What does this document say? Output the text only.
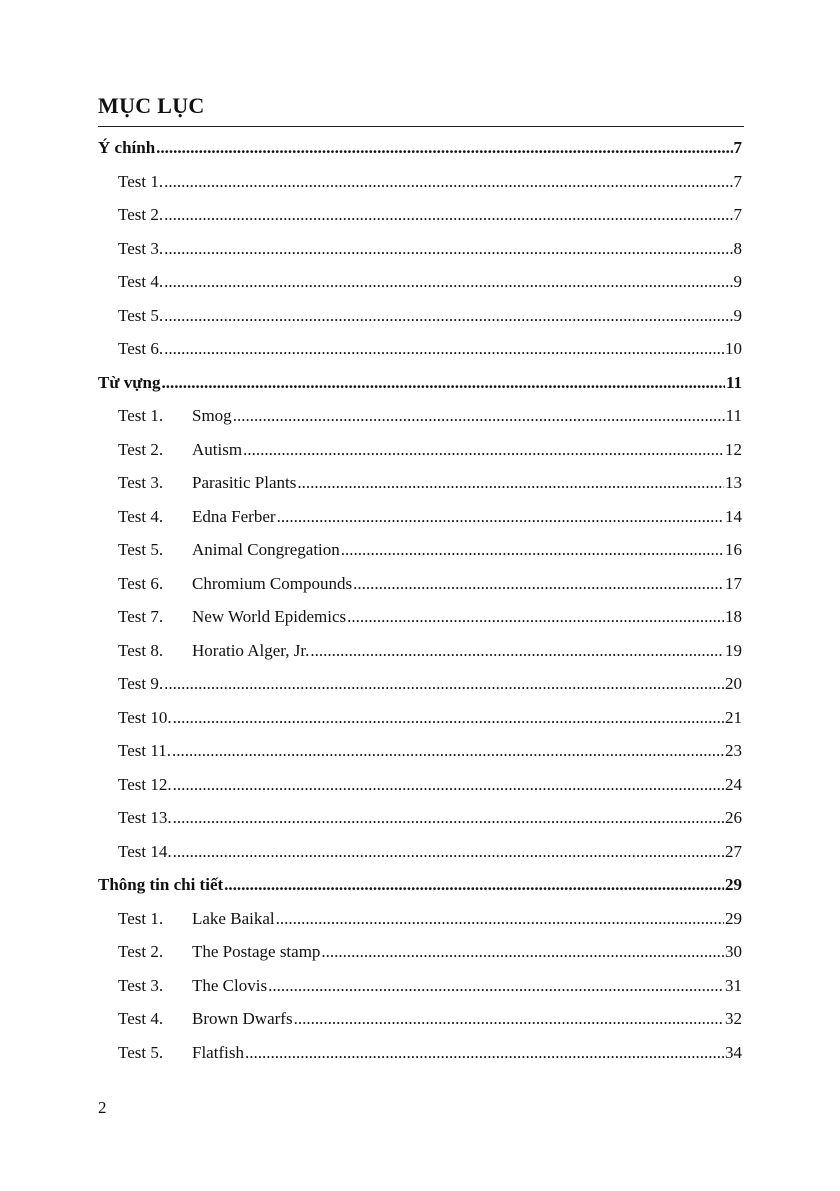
MỤC LỤC
Ý chính .....	7
Test 1. .....	7
Test 2. .....	7
Test 3. .....	8
Test 4. .....	9
Test 5. .....	9
Test 6. .....	10
Từ vựng .....	11
Test 1.	Smog .....	11
Test 2.	Autism .....	12
Test 3.	Parasitic Plants .....	13
Test 4.	Edna Ferber .....	14
Test 5.	Animal Congregation .....	16
Test 6.	Chromium Compounds .....	17
Test 7.	New World Epidemics .....	18
Test 8.	Horatio Alger, Jr. .....	19
Test 9. .....	20
Test 10. .....	21
Test 11. .....	23
Test 12. .....	24
Test 13. .....	26
Test 14. .....	27
Thông tin chi tiết .....	29
Test 1.	Lake Baikal .....	29
Test 2.	The Postage stamp .....	30
Test 3.	The Clovis .....	31
Test 4.	Brown Dwarfs .....	32
Test 5.	Flatfish .....	34
2
